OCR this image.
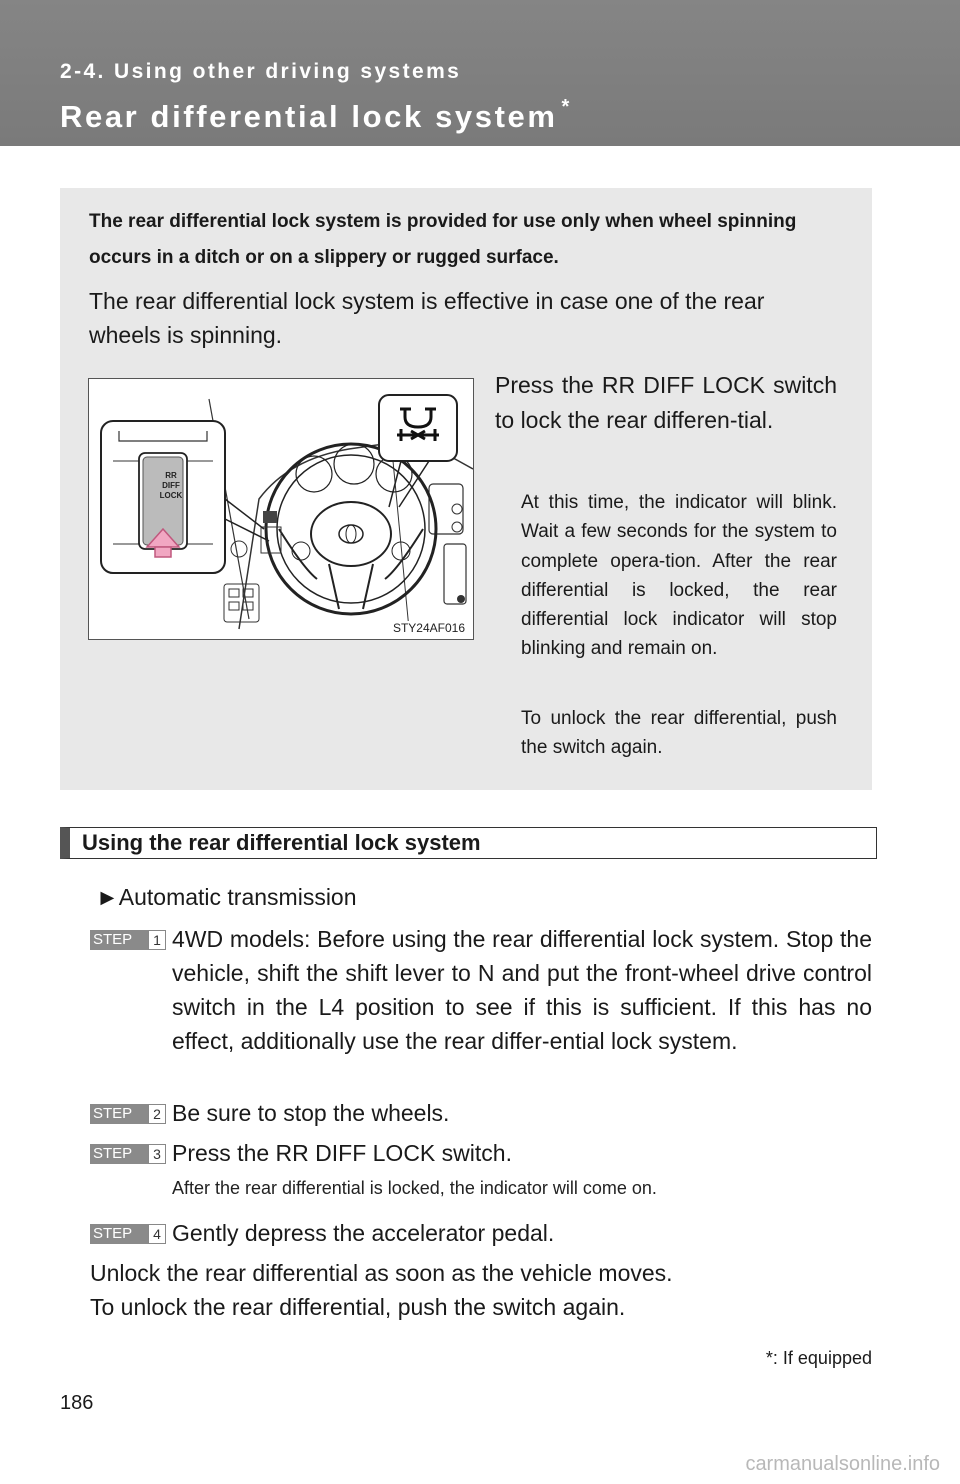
2-4. Using other driving systems
Rear differential lock system *
The rear differential lock system is provided for use only when wheel spinning occurs in a ditch or on a slippery or rugged surface.
The rear differential lock system is effective in case one of the rear wheels is spinning.
RR
DIFF
LOCK
STY24AF016
Press the RR DIFF LOCK switch to lock the rear differen-tial.
At this time, the indicator will blink. Wait a few seconds for the system to complete opera-tion. After the rear differential is locked, the rear differential lock indicator will stop blinking and remain on.
To unlock the rear differential, push the switch again.
Using the rear differential lock system
►Automatic transmission
STEP	1 4WD models: Before using the rear differential lock system. Stop the vehicle, shift the shift lever to N and put the front-wheel drive control switch in the L4 position to see if this is sufficient. If this has no effect, additionally use the rear differ-ential lock system.
STEP	2 Be sure to stop the wheels.
STEP	3 Press the RR DIFF LOCK switch.
After the rear differential is locked, the indicator will come on.
STEP	4 Gently depress the accelerator pedal.
Unlock the rear differential as soon as the vehicle moves.
To unlock the rear differential, push the switch again.
*: If equipped
186
carmanualsonline.info
